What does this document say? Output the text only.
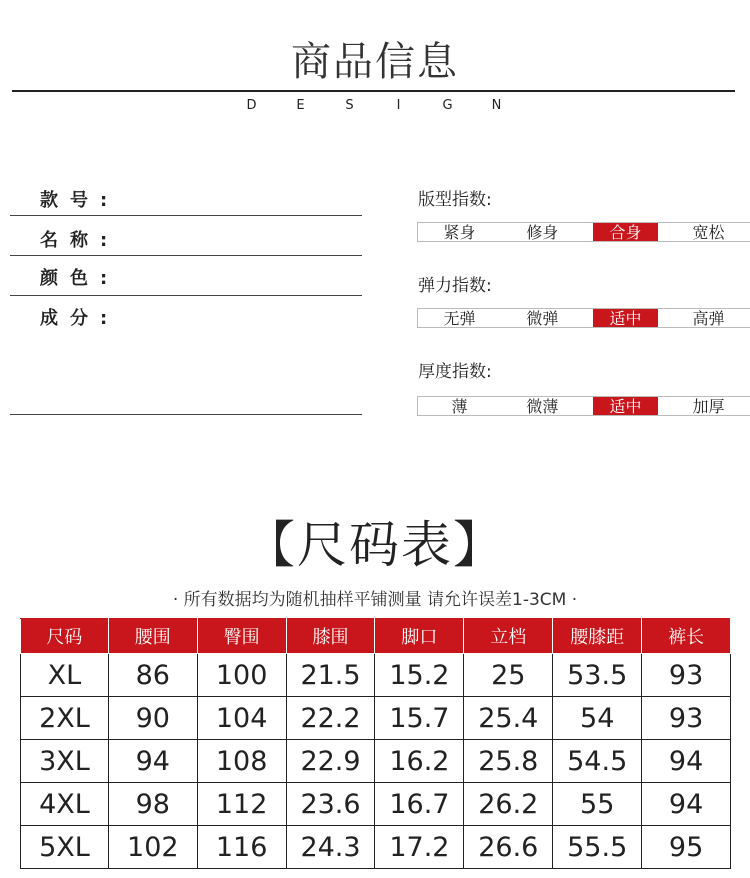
商品信息
D	E	S	I	G	N
款号:
名称:
颜色:
成分:
版型指数:
紧身	修身	合身	宽松
弹力指数:
无弹	微弹	适中	高弹
厚度指数:
薄	微薄	适中	加厚
【尺码表】
· 所有数据均为随机抽样平铺测量 请允许误差1-3CM ·
尺码	腰围	臀围	膝围	脚口	立档	腰膝距	裤长
XL	86	100	21.5	15.2	25	53.5	93
2XL	90	104	22.2	15.7	25.4	54	93
3XL	94	108	22.9	16.2	25.8	54.5	94
4XL	98	112	23.6	16.7	26.2	55	94
5XL	102	116	24.3	17.2	26.6	55.5	95
